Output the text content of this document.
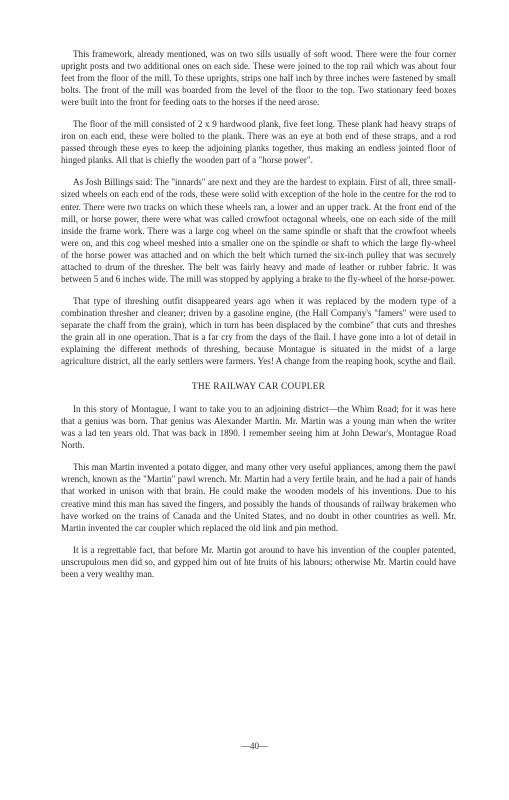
This framework, already mentioned, was on two sills usually of soft wood. There were the four corner upright posts and two additional ones on each side. These were joined to the top rail which was about four feet from the floor of the mill. To these uprights, strips one half inch by three inches were fastened by small bolts. The front of the mill was boarded from the level of the floor to the top. Two stationary feed boxes were built into the front for feeding oats to the horses if the need arose.

The floor of the mill consisted of 2 x 9 hardwood plank, five feet long. These plank had heavy straps of iron on each end, these were bolted to the plank. There was an eye at both end of these straps, and a rod passed through these eyes to keep the adjoining planks together, thus making an endless jointed floor of hinged planks. All that is chiefly the wooden part of a "horse power".

As Josh Billings said: The "innards" are next and they are the hardest to explain. First of all, three small-sized wheels on each end of the rods, these were solid with exception of the hole in the centre for the rod to enter. There were two tracks on which these wheels ran, a lower and an upper track. At the front end of the mill, or horse power, there were what was called crowfoot octagonal wheels, one on each side of the mill inside the frame work. There was a large cog wheel on the same spindle or shaft that the crowfoot wheels were on, and this cog wheel meshed into a smaller one on the spindle or shaft to which the large fly-wheel of the horse power was attached and on which the belt which turned the six-inch pulley that was securely attached to drum of the thresher. The belt was fairly heavy and made of leather or rubber fabric. It was between 5 and 6 inches wide. The mill was stopped by applying a brake to the fly-wheel of the horse-power.

That type of threshing outfit disappeared years ago when it was replaced by the modern type of a combination thresher and cleaner; driven by a gasoline engine, (the Hall Company's "famers" were used to separate the chaff from the grain), which in turn has been displaced by the combine" that cuts and threshes the grain all in one operation. That is a far cry from the days of the flail. I have gone into a lot of detail in explaining the different methods of threshing, because Montague is situated in the midst of a large agriculture district, all the early settlers were farmers. Yes! A change from the reaping hook, scythe and flail.

THE RAILWAY CAR COUPLER

In this story of Montague, I want to take you to an adjoining district—the Whim Road; for it was here that a genius was born. That genius was Alexander Martin. Mr. Martin was a young man when the writer was a lad ten years old. That was back in 1890. I remember seeing him at John Dewar's, Montague Road North.

This man Martin invented a potato digger, and many other very useful appliances, among them the pawl wrench, known as the "Martin" pawl wrench. Mr. Martin had a very fertile brain, and he had a pair of hands that worked in unison with that brain. He could make the wooden models of his inventions. Due to his creative mind this man has saved the fingers, and possibly the hands of thousands of railway brakemen who have worked on the trains of Canada and the United States, and no doubt in other countries as well. Mr. Martin invented the car coupler which replaced the old link and pin method.

It is a regrettable fact, that before Mr. Martin got around to have his invention of the coupler patented, unscrupulous men did so, and gypped him out of hte fruits of his labours; otherwise Mr. Martin could have been a very wealthy man.

—40—
